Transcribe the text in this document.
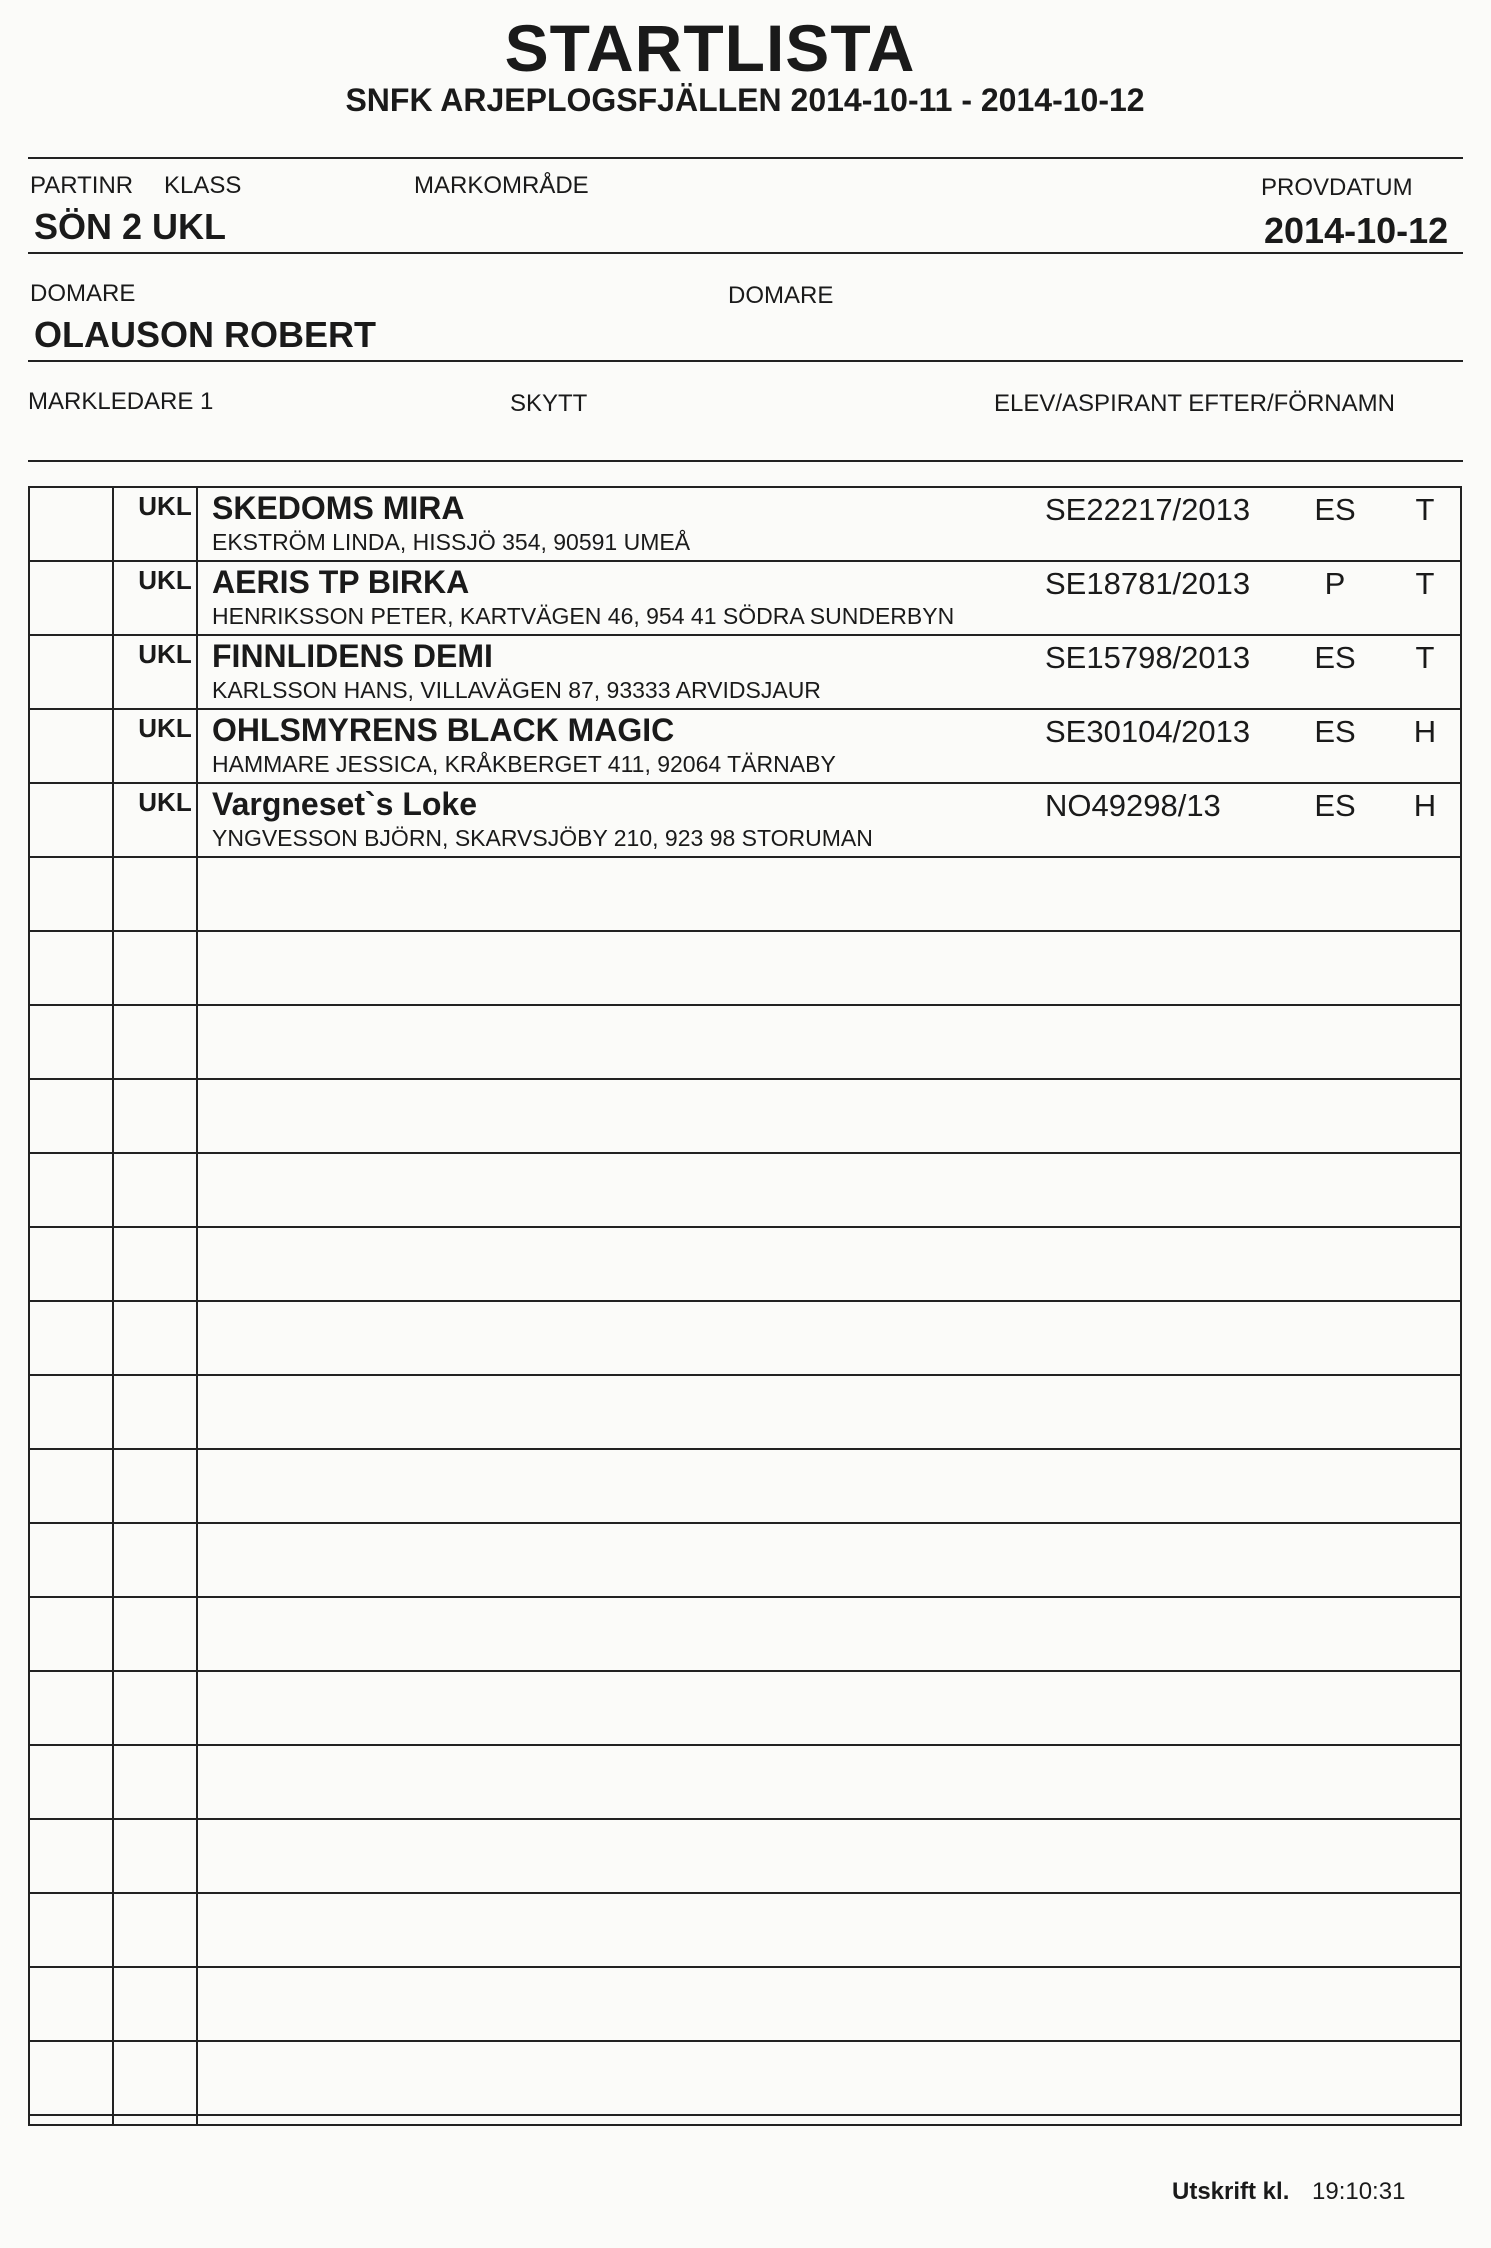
STARTLISTA
SNFK ARJEPLOGSFJÄLLEN 2014-10-11 - 2014-10-12
PARTINR KLASS	MARKOMRÅDE	PROVDATUM
SÖN 2 UKL	2014-10-12
DOMARE	DOMARE
OLAUSON ROBERT
MARKLEDARE 1	SKYTT	ELEV/ASPIRANT EFTER/FÖRNAMN
UKL SKEDOMS MIRA
EKSTRÖM LINDA, HISSJÖ 354, 90591 UMEÅ
SE22217/2013	ES	T
UKL AERIS TP BIRKA
HENRIKSSON PETER, KARTVÄGEN 46, 954 41 SÖDRA SUNDERBYN
SE18781/2013	P	T
UKL FINNLIDENS DEMI
KARLSSON HANS, VILLAVÄGEN 87, 93333 ARVIDSJAUR
SE15798/2013	ES	T
UKL OHLSMYRENS BLACK MAGIC
HAMMARE JESSICA, KRÅKBERGET 411, 92064 TÄRNABY
SE30104/2013	ES	H
UKL Vargneset`s Loke
YNGVESSON BJÖRN, SKARVSJÖBY 210, 923 98 STORUMAN
NO49298/13	ES	H
Utskrift kl. 19:10:31
